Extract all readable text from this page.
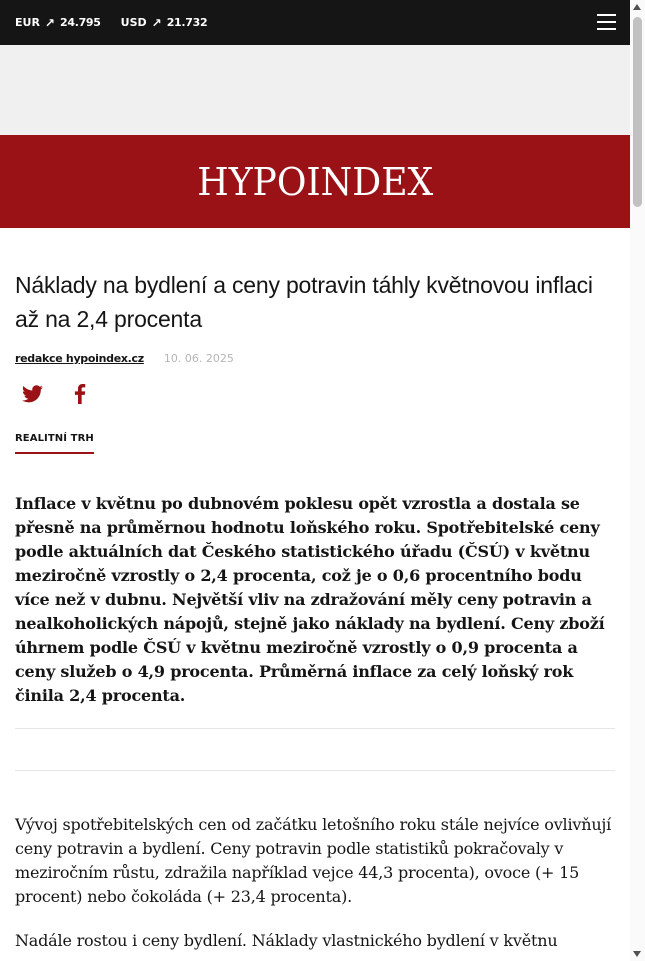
EUR ↗ 24.795 USD ↗ 21.732
HYPOINDEX
Náklady na bydlení a ceny potravin táhly květnovou inflaci až na 2,4 procenta
redakce hypoindex.cz 10. 06. 2025
REALITNÍ TRH

Inflace v květnu po dubnovém poklesu opět vzrostla a dostala se přesně na průměrnou hodnotu loňského roku. Spotřebitelské ceny podle aktuálních dat Českého statistického úřadu (ČSÚ) v květnu meziročně vzrostly o 2,4 procenta, což je o 0,6 procentního bodu více než v dubnu. Největší vliv na zdražování měly ceny potravin a nealkoholických nápojů, stejně jako náklady na bydlení. Ceny zboží úhrnem podle ČSÚ v květnu meziročně vzrostly o 0,9 procenta a ceny služeb o 4,9 procenta. Průměrná inflace za celý loňský rok činila 2,4 procenta.

Vývoj spotřebitelských cen od začátku letošního roku stále nejvíce ovlivňují ceny potravin a bydlení. Ceny potravin podle statistiků pokračovaly v meziročním růstu, zdražila například vejce 44,3 procenta), ovoce (+ 15 procent) nebo čokoláda (+ 23,4 procenta).

Nadále rostou i ceny bydlení. Náklady vlastnického bydlení v květnu
